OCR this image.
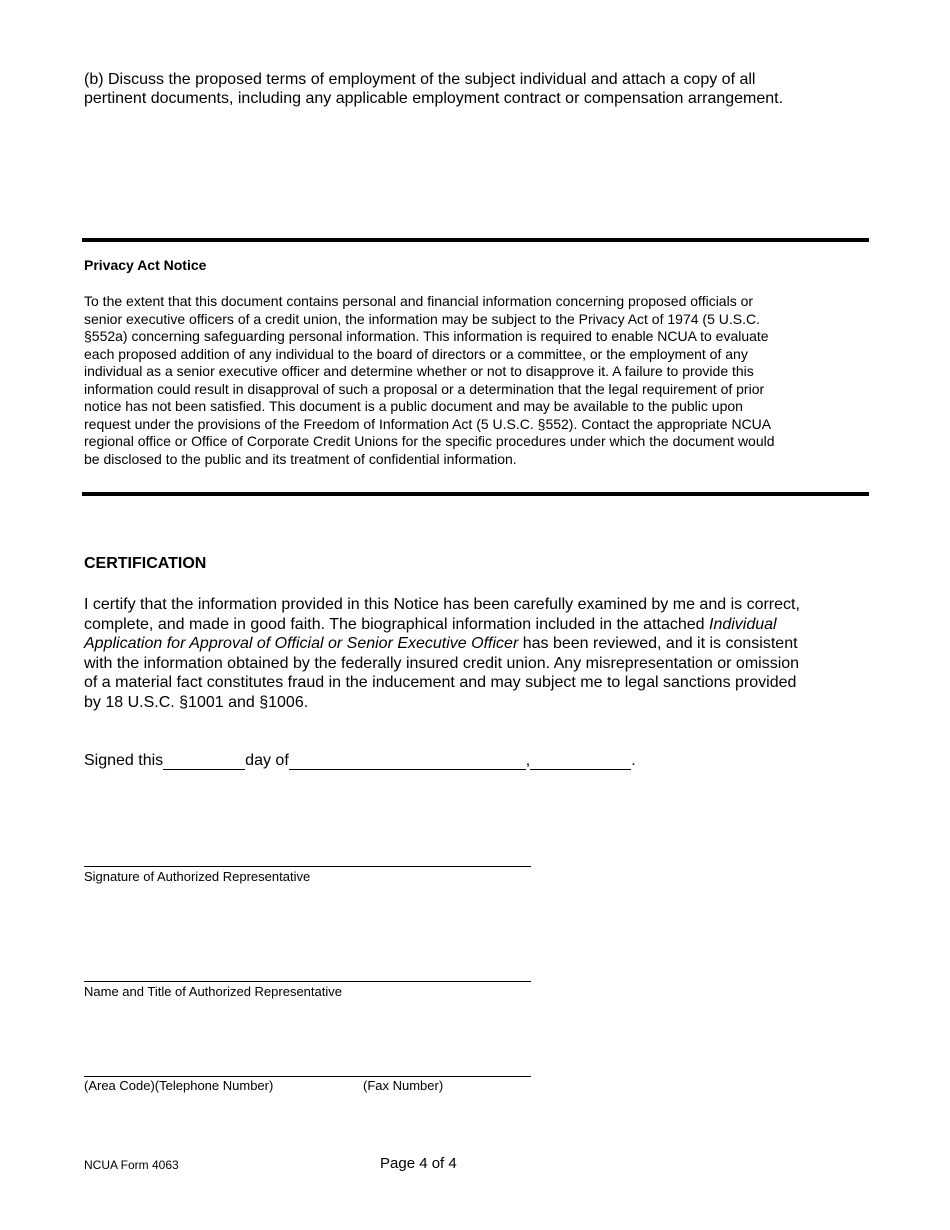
(b) Discuss the proposed terms of employment of the subject individual and attach a copy of all
pertinent documents, including any applicable employment contract or compensation arrangement.

Privacy Act Notice

To the extent that this document contains personal and financial information concerning proposed officials or
senior executive officers of a credit union, the information may be subject to the Privacy Act of 1974 (5 U.S.C.
§552a) concerning safeguarding personal information. This information is required to enable NCUA to evaluate
each proposed addition of any individual to the board of directors or a committee, or the employment of any
individual as a senior executive officer and determine whether or not to disapprove it. A failure to provide this
information could result in disapproval of such a proposal or a determination that the legal requirement of prior
notice has not been satisfied. This document is a public document and may be available to the public upon
request under the provisions of the Freedom of Information Act (5 U.S.C. §552). Contact the appropriate NCUA
regional office or Office of Corporate Credit Unions for the specific procedures under which the document would
be disclosed to the public and its treatment of confidential information.

CERTIFICATION

I certify that the information provided in this Notice has been carefully examined by me and is correct,
complete, and made in good faith. The biographical information included in the attached Individual
Application for Approval of Official or Senior Executive Officer has been reviewed, and it is consistent
with the information obtained by the federally insured credit union. Any misrepresentation or omission
of a material fact constitutes fraud in the inducement and may subject me to legal sanctions provided
by 18 U.S.C. §1001 and §1006.

Signed this	day of	,	.
Signature of Authorized Representative
Name and Title of Authorized Representative
(Area Code)(Telephone Number)	(Fax Number)
NCUA Form 4063	Page 4 of 4
